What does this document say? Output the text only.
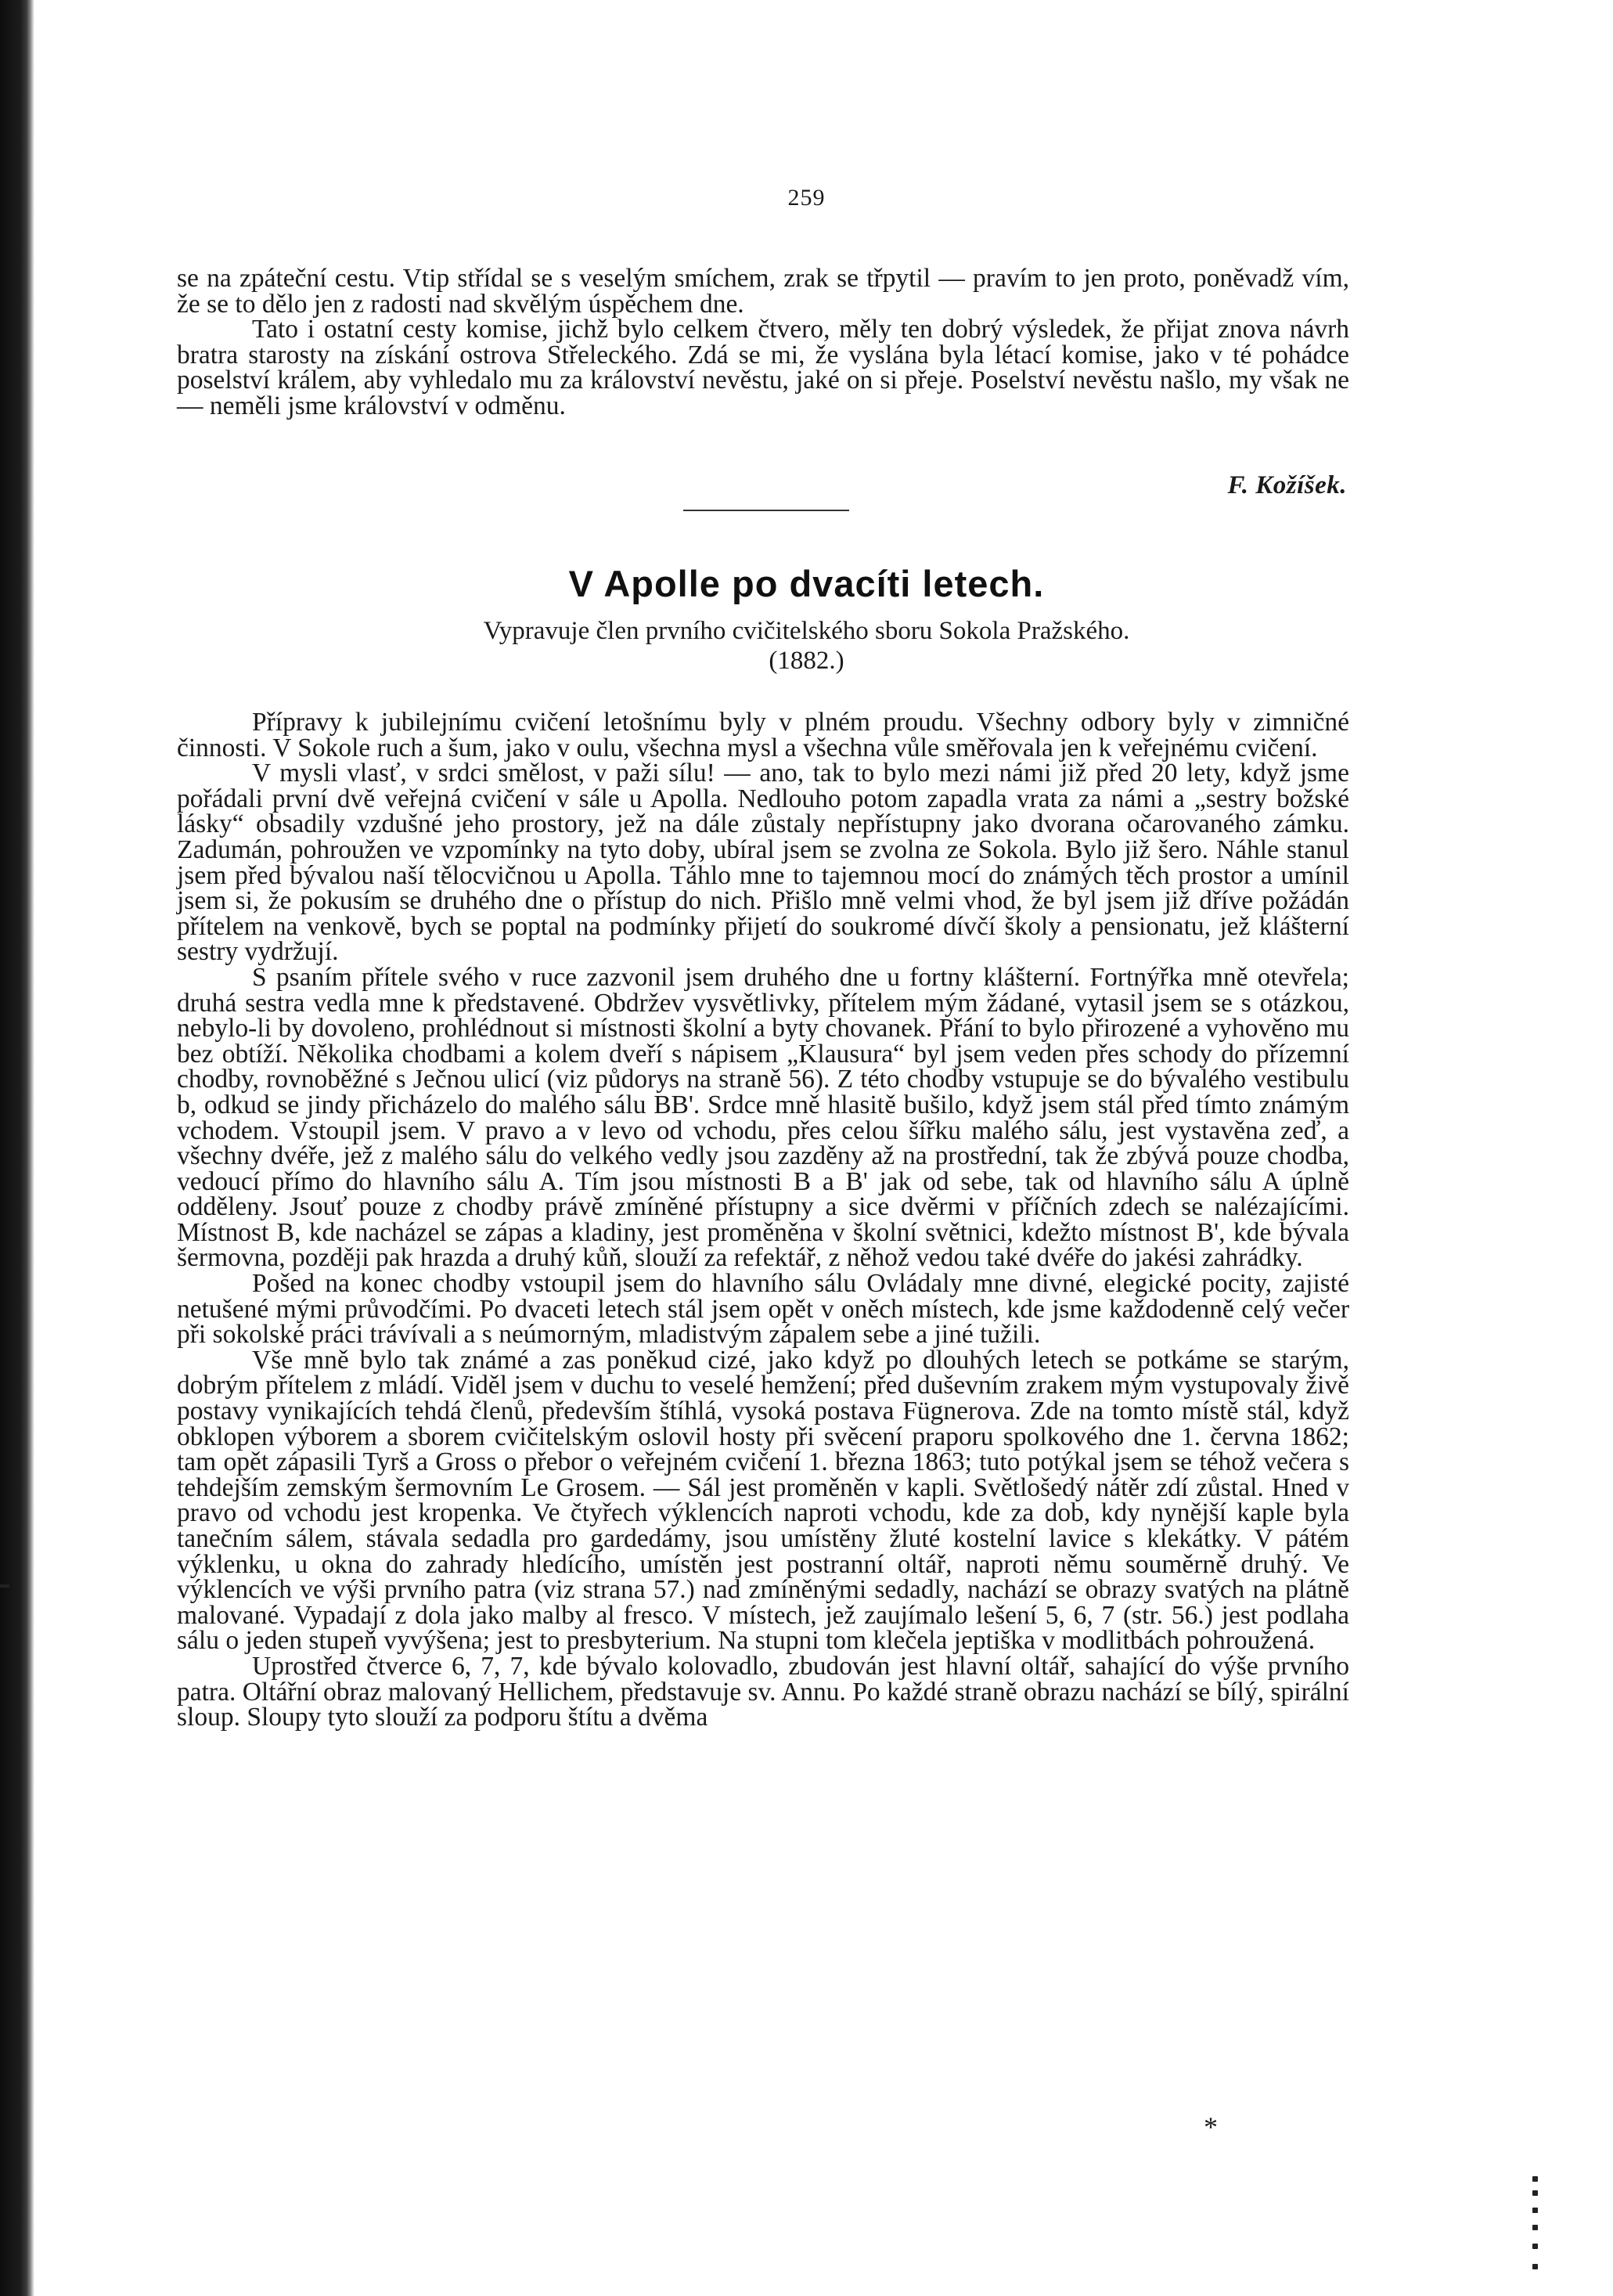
259

se na zpáteční cestu. Vtip střídal se s veselým smíchem, zrak se třpytil — pravím to jen proto, poněvadž vím, že se to dělo jen z radosti nad skvělým úspěchem dne.

Tato i ostatní cesty komise, jichž bylo celkem čtvero, měly ten dobrý výsledek, že přijat znova návrh bratra starosty na získání ostrova Střeleckého. Zdá se mi, že vyslána byla létací komise, jako v té pohádce poselství králem, aby vyhledalo mu za království nevěstu, jaké on si přeje. Poselství nevěstu našlo, my však ne — neměli jsme království v odměnu.

F. Kožíšek.
V Apolle po dvacíti letech.
Vypravuje člen prvního cvičitelského sboru Sokola Pražského.
(1882.)

Přípravy k jubilejnímu cvičení letošnímu byly v plném proudu. Všechny odbory byly v zimničné činnosti. V Sokole ruch a šum, jako v oulu, všechna mysl a všechna vůle směřovala jen k veřejnému cvičení.

V mysli vlasť, v srdci smělost, v paži sílu! — ano, tak to bylo mezi námi již před 20 lety, když jsme pořádali první dvě veřejná cvičení v sále u Apolla. Nedlouho potom zapadla vrata za námi a „sestry božské lásky“ obsadily vzdušné jeho prostory, jež na dále zůstaly nepřístupny jako dvorana očarovaného zámku. Zadumán, pohroužen ve vzpomínky na tyto doby, ubíral jsem se zvolna ze Sokola. Bylo již šero. Náhle stanul jsem před bývalou naší tělocvičnou u Apolla. Táhlo mne to tajemnou mocí do známých těch prostor a umínil jsem si, že pokusím se druhého dne o přístup do nich. Přišlo mně velmi vhod, že byl jsem již dříve požádán přítelem na venkově, bych se poptal na podmínky přijetí do soukromé dívčí školy a pensionatu, jež klášterní sestry vydržují.

S psaním přítele svého v ruce zazvonil jsem druhého dne u fortny klášterní. Fortnýřka mně otevřela; druhá sestra vedla mne k představené. Obdržev vysvětlivky, přítelem mým žádané, vytasil jsem se s otázkou, nebylo-li by dovoleno, prohlédnout si místnosti školní a byty chovanek. Přání to bylo přirozené a vyhověno mu bez obtíží. Několika chodbami a kolem dveří s nápisem „Klausura“ byl jsem veden přes schody do přízemní chodby, rovnoběžné s Ječnou ulicí (viz půdorys na straně 56). Z této chodby vstupuje se do bývalého vestibulu b, odkud se jindy přicházelo do malého sálu BB'. Srdce mně hlasitě bušilo, když jsem stál před tímto známým vchodem. Vstoupil jsem. V pravo a v levo od vchodu, přes celou šířku malého sálu, jest vystavěna zeď, a všechny dvéře, jež z malého sálu do velkého vedly jsou zazděny až na prostřední, tak že zbývá pouze chodba, vedoucí přímo do hlavního sálu A. Tím jsou místnosti B a B' jak od sebe, tak od hlavního sálu A úplně odděleny. Jsouť pouze z chodby právě zmíněné přístupny a sice dvěrmi v příčních zdech se nalézajícími. Místnost B, kde nacházel se zápas a kladiny, jest proměněna v školní světnici, kdežto místnost B', kde bývala šermovna, později pak hrazda a druhý kůň, slouží za refektář, z něhož vedou také dvéře do jakési zahrádky.

Pošed na konec chodby vstoupil jsem do hlavního sálu Ovládaly mne divné, elegické pocity, zajisté netušené mými průvodčími. Po dvaceti letech stál jsem opět v oněch místech, kde jsme každodenně celý večer při sokolské práci trávívali a s neúmorným, mladistvým zápalem sebe a jiné tužili.

Vše mně bylo tak známé a zas poněkud cizé, jako když po dlouhých letech se potkáme se starým, dobrým přítelem z mládí. Viděl jsem v duchu to veselé hemžení; před duševním zrakem mým vystupovaly živě postavy vynikajících tehdá členů, především štíhlá, vysoká postava Fügnerova. Zde na tomto místě stál, když obklopen výborem a sborem cvičitelským oslovil hosty při svěcení praporu spolkového dne 1. června 1862; tam opět zápasili Tyrš a Gross o přebor o veřejném cvičení 1. března 1863; tuto potýkal jsem se téhož večera s tehdejším zemským šermovním Le Grosem. — Sál jest proměněn v kapli. Světlošedý nátěr zdí zůstal. Hned v pravo od vchodu jest kropenka. Ve čtyřech výklencích naproti vchodu, kde za dob, kdy nynější kaple byla tanečním sálem, stávala sedadla pro gardedámy, jsou umístěny žluté kostelní lavice s klekátky. V pátém výklenku, u okna do zahrady hledícího, umístěn jest postranní oltář, naproti němu souměrně druhý. Ve výklencích ve výši prvního patra (viz strana 57.) nad zmíněnými sedadly, nachází se obrazy svatých na plátně malované. Vypadají z dola jako malby al fresco. V místech, jež zaujímalo lešení 5, 6, 7 (str. 56.) jest podlaha sálu o jeden stupeň vyvýšena; jest to presbyterium. Na stupni tom klečela jeptiška v modlitbách pohroužená.

Uprostřed čtverce 6, 7, 7, kde bývalo kolovadlo, zbudován jest hlavní oltář, sahající do výše prvního patra. Oltářní obraz malovaný Hellichem, představuje sv. Annu. Po každé straně obrazu nachází se bílý, spirální sloup. Sloupy tyto slouží za podporu štítu a dvěma

*
